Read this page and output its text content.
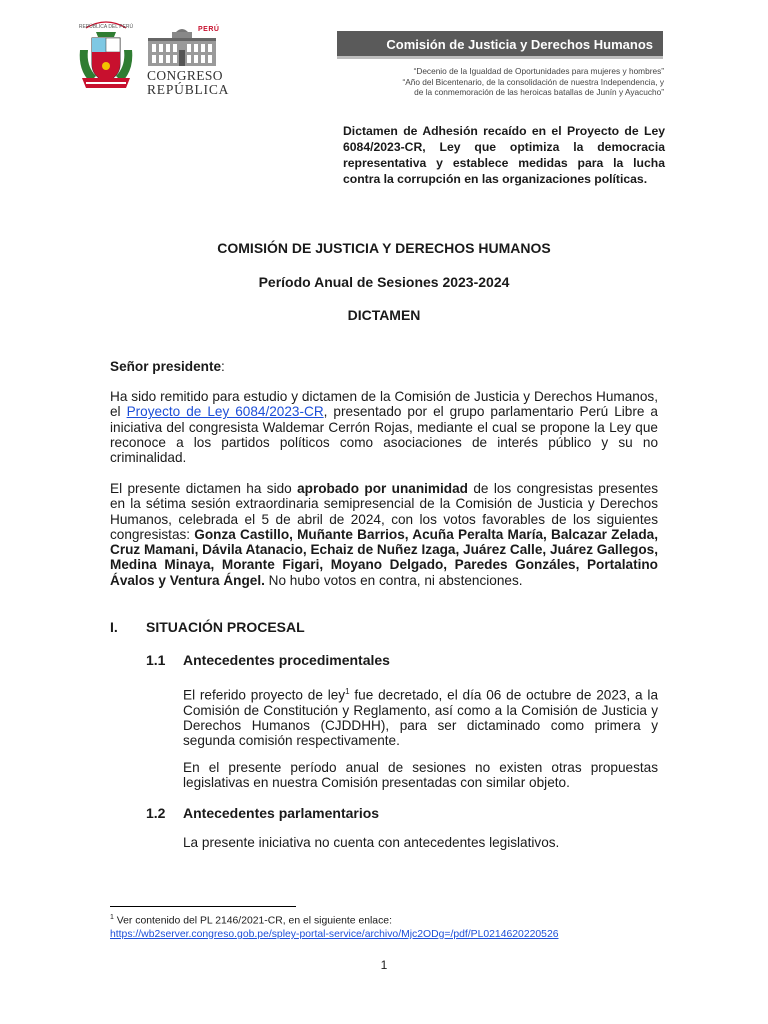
REPÚBLICA DEL PERÚ	PERÚ
CONGRESO
REPÚBLICA
Comisión de Justicia y Derechos Humanos
“Decenio de la Igualdad de Oportunidades para mujeres y hombres”
“Año del Bicentenario, de la consolidación de nuestra Independencia, y
de la conmemoración de las heroicas batallas de Junín y Ayacucho”
Dictamen de Adhesión recaído en el Proyecto de Ley 6084/2023-CR, Ley que optimiza la democracia representativa y establece medidas para la lucha contra la corrupción en las organizaciones políticas.
COMISIÓN DE JUSTICIA Y DERECHOS HUMANOS
Período Anual de Sesiones 2023-2024
DICTAMEN
Señor presidente:
Ha sido remitido para estudio y dictamen de la Comisión de Justicia y Derechos Humanos, el Proyecto de Ley 6084/2023-CR, presentado por el grupo parlamentario Perú Libre a iniciativa del congresista Waldemar Cerrón Rojas, mediante el cual se propone la Ley que reconoce a los partidos políticos como asociaciones de interés público y su no criminalidad.
El presente dictamen ha sido aprobado por unanimidad de los congresistas presentes en la sétima sesión extraordinaria semipresencial de la Comisión de Justicia y Derechos Humanos, celebrada el 5 de abril de 2024, con los votos favorables de los siguientes congresistas: Gonza Castillo, Muñante Barrios, Acuña Peralta María, Balcazar Zelada, Cruz Mamani, Dávila Atanacio, Echaiz de Nuñez Izaga, Juárez Calle, Juárez Gallegos, Medina Minaya, Morante Figari, Moyano Delgado, Paredes Gonzáles, Portalatino Ávalos y Ventura Ángel. No hubo votos en contra, ni abstenciones.
I. SITUACIÓN PROCESAL
1.1 Antecedentes procedimentales
El referido proyecto de ley$^1$ fue decretado, el día 06 de octubre de 2023, a la Comisión de Constitución y Reglamento, así como a la Comisión de Justicia y Derechos Humanos (CJDDHH), para ser dictaminado como primera y segunda comisión respectivamente.
En el presente período anual de sesiones no existen otras propuestas legislativas en nuestra Comisión presentadas con similar objeto.
1.2 Antecedentes parlamentarios
La presente iniciativa no cuenta con antecedentes legislativos.
$^1$ Ver contenido del PL 2146/2021-CR, en el siguiente enlace:
https://wb2server.congreso.gob.pe/spley-portal-service/archivo/Mjc2ODg=/pdf/PL0214620220526
1
